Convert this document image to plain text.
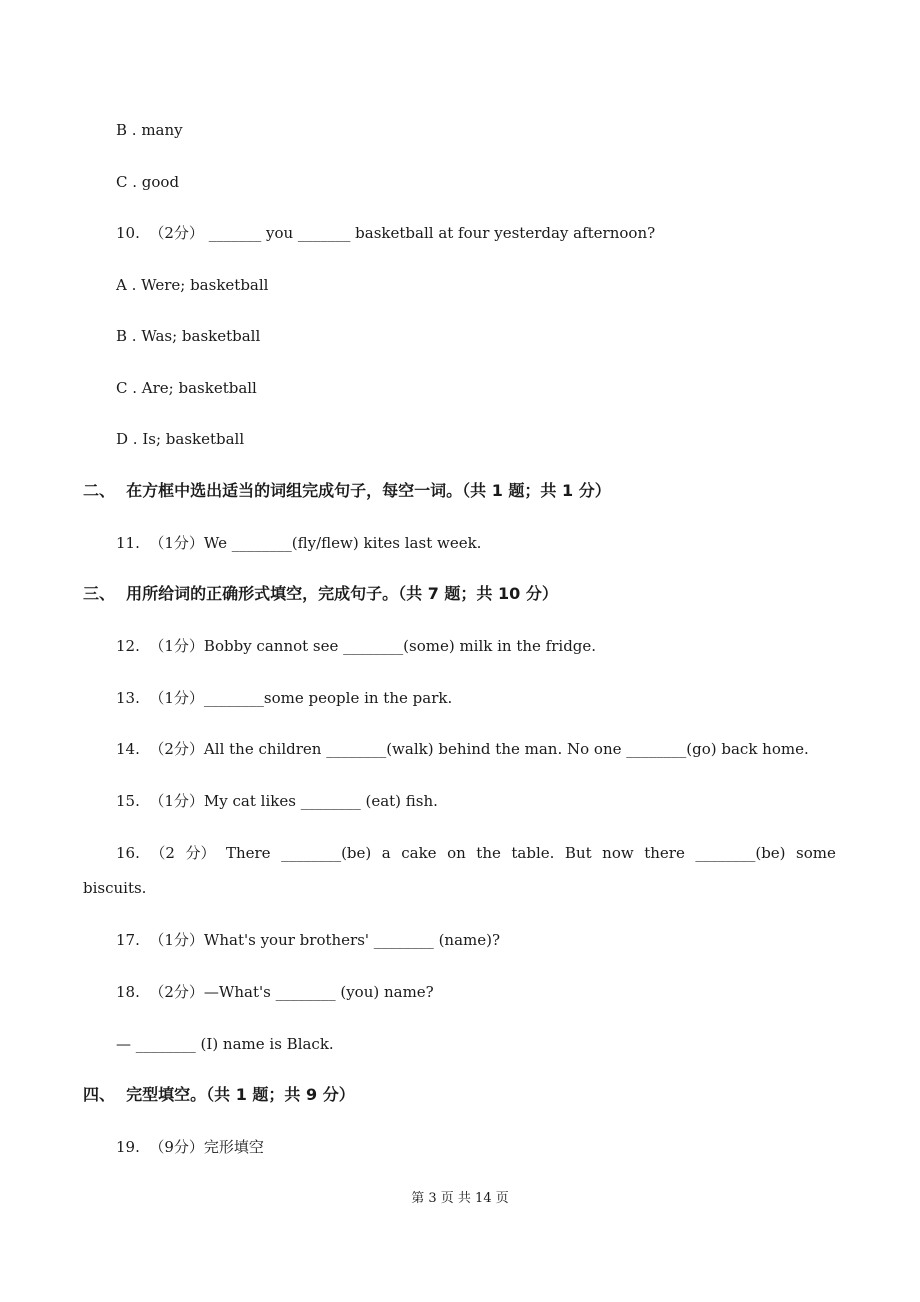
B . many
C . good
10.  （2分） _______ you _______ basketball at four yesterday afternoon?
A . Were; basketball
B . Was; basketball
C . Are; basketball
D . Is; basketball
二、  在方框中选出适当的词组完成句子，每空一词。（共 1 题；共 1 分）
11.  （1分）We ________(fly/flew) kites last week.
三、  用所给词的正确形式填空，完成句子。（共 7 题；共 10 分）
12.  （1分）Bobby cannot see ________(some) milk in the fridge.
13.  （1分）________some people in the park.
14.  （2分）All the children ________(walk) behind the man. No one ________(go) back home.
15.  （1分）My cat likes ________ (eat) fish.
16. （2 分） There ________(be) a cake on the table. But now there ________(be) some
biscuits.
17.  （1分）What's your brothers' ________ (name)?
18.  （2分）—What's ________ (you) name?
— ________ (I) name is Black.
四、  完型填空。（共 1 题；共 9 分）
19.  （9分）完形填空
第 3 页 共 14 页
